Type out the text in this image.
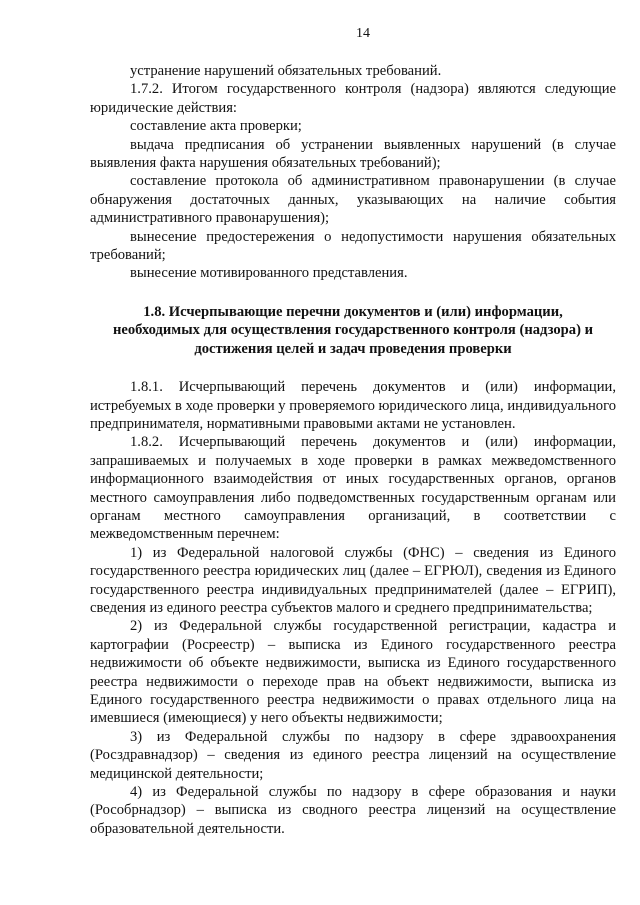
14

устранение нарушений обязательных требований.

1.7.2. Итогом государственного контроля (надзора) являются следующие юридические действия:

составление акта проверки;

выдача предписания об устранении выявленных нарушений (в случае выявления факта нарушения обязательных требований);

составление протокола об административном правонарушении (в случае обнаружения достаточных данных, указывающих на наличие события административного правонарушения);

вынесение предостережения о недопустимости нарушения обязательных требований;

вынесение мотивированного представления.

1.8. Исчерпывающие перечни документов и (или) информации, необходимых для осуществления государственного контроля (надзора) и достижения целей и задач проведения проверки

1.8.1. Исчерпывающий перечень документов и (или) информации, истребуемых в ходе проверки у проверяемого юридического лица, индивидуального предпринимателя, нормативными правовыми актами не установлен.

1.8.2. Исчерпывающий перечень документов и (или) информации, запрашиваемых и получаемых в ходе проверки в рамках межведомственного информационного взаимодействия от иных государственных органов, органов местного самоуправления либо подведомственных государственным органам или органам местного самоуправления организаций, в соответствии с межведомственным перечнем:

1) из Федеральной налоговой службы (ФНС) – сведения из Единого государственного реестра юридических лиц (далее – ЕГРЮЛ), сведения из Единого государственного реестра индивидуальных предпринимателей (далее – ЕГРИП), сведения из единого реестра субъектов малого и среднего предпринимательства;

2) из Федеральной службы государственной регистрации, кадастра и картографии (Росреестр) – выписка из Единого государственного реестра недвижимости об объекте недвижимости, выписка из Единого государственного реестра недвижимости о переходе прав на объект недвижимости, выписка из Единого государственного реестра недвижимости о правах отдельного лица на имевшиеся (имеющиеся) у него объекты недвижимости;

3) из Федеральной службы по надзору в сфере здравоохранения (Росздравнадзор) – сведения из единого реестра лицензий на осуществление медицинской деятельности;

4) из Федеральной службы по надзору в сфере образования и науки (Рособрнадзор) – выписка из сводного реестра лицензий на осуществление образовательной деятельности.
